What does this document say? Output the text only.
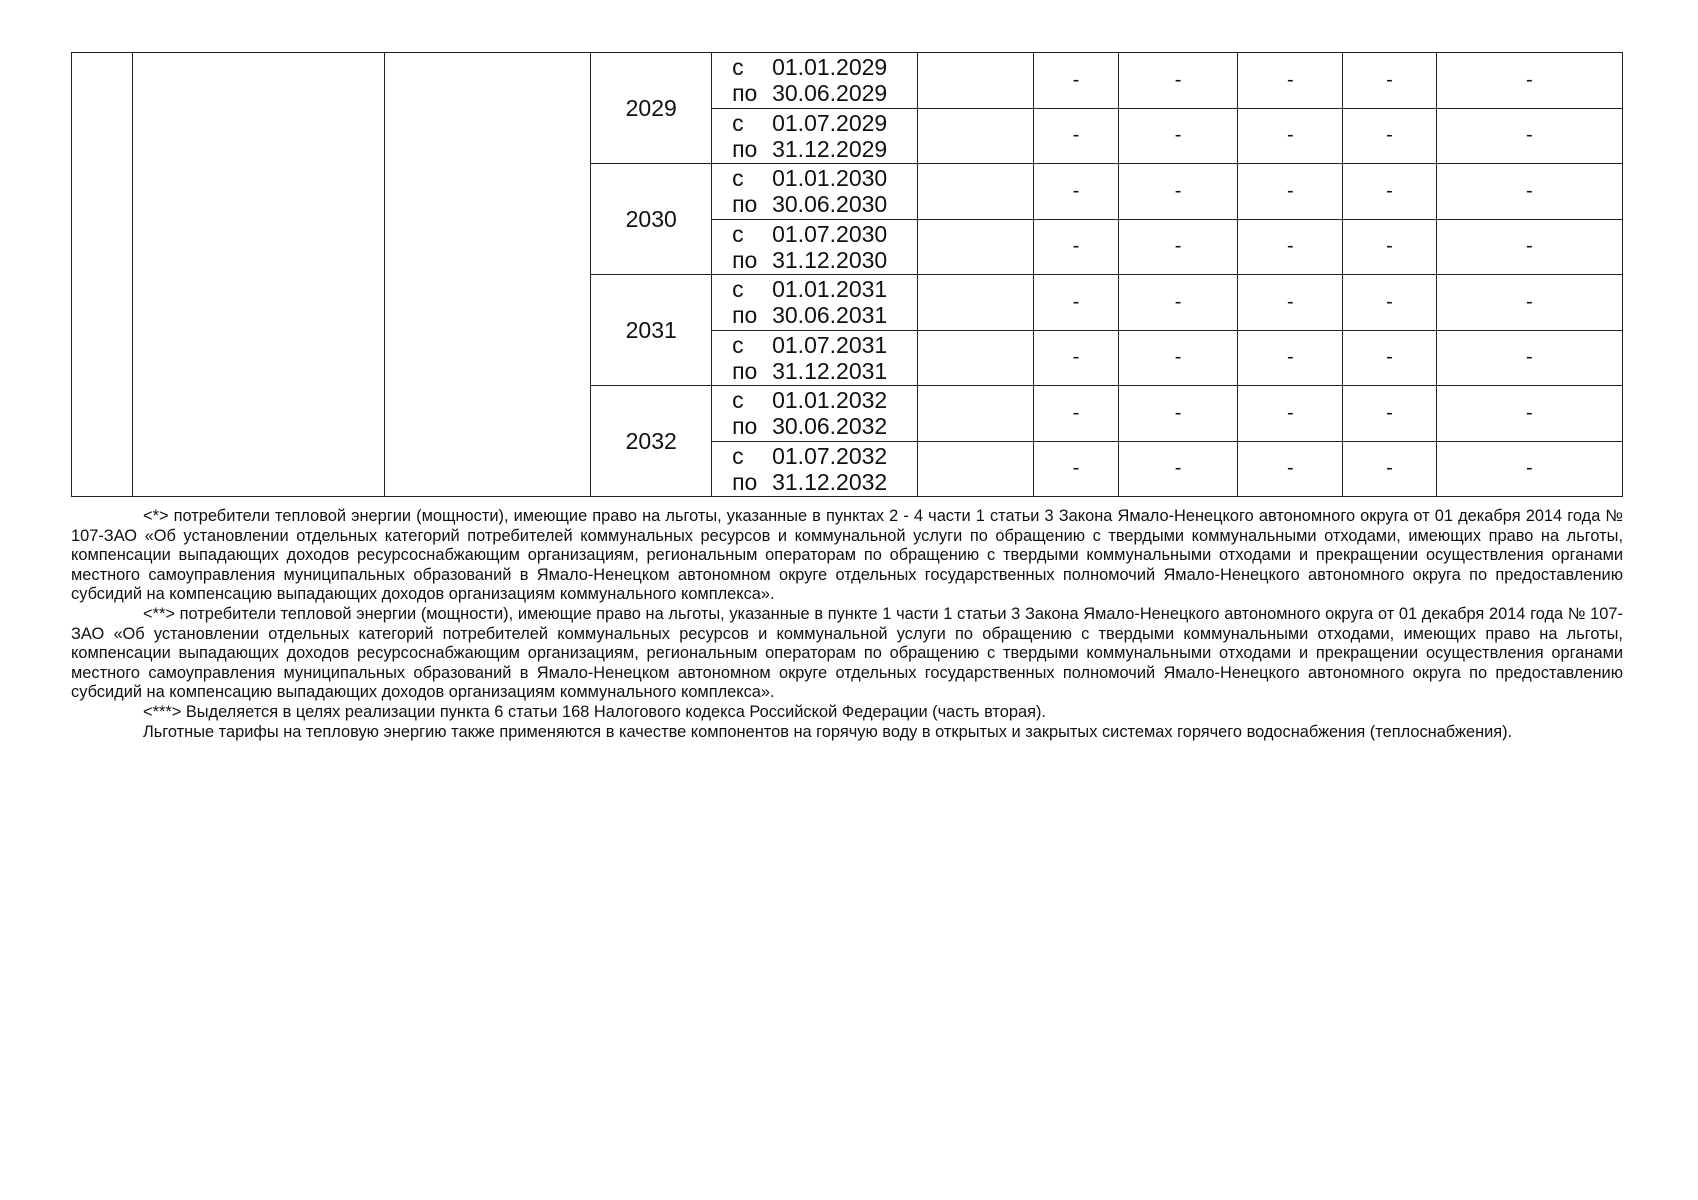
			2029	с 01.01.2029
по 30.06.2029		-	-	-	-	-

				с 01.07.2029
по 31.12.2029		-	-	-	-	-
			2030	с 01.01.2030
по 30.06.2030		-	-	-	-	-

				с 01.07.2030
по 31.12.2030		-	-	-	-	-
			2031	с 01.01.2031
по 30.06.2031		-	-	-	-	-

				с 01.07.2031
по 31.12.2031		-	-	-	-	-
			2032	с 01.01.2032
по 30.06.2032		-	-	-	-	-

				с 01.07.2032
по 31.12.2032		-	-	-	-	-

<*> потребители тепловой энергии (мощности), имеющие право на льготы, указанные в пунктах 2 - 4 части 1 статьи 3 Закона Ямало-Ненецкого автономного округа от 01 декабря 2014 года № 107-ЗАО «Об установлении отдельных категорий потребителей коммунальных ресурсов и коммунальной услуги по обращению с твердыми коммунальными отходами, имеющих право на льготы, компенсации выпадающих доходов ресурсоснабжающим организациям, региональным операторам по обращению с твердыми коммунальными отходами и прекращении осуществления органами местного самоуправления муниципальных образований в Ямало-Ненецком автономном округе отдельных государственных полномочий Ямало-Ненецкого автономного округа по предоставлению субсидий на компенсацию выпадающих доходов организациям коммунального комплекса».

<**> потребители тепловой энергии (мощности), имеющие право на льготы, указанные в пункте 1 части 1 статьи 3 Закона Ямало-Ненецкого автономного округа от 01 декабря 2014 года № 107-ЗАО «Об установлении отдельных категорий потребителей коммунальных ресурсов и коммунальной услуги по обращению с твердыми коммунальными отходами, имеющих право на льготы, компенсации выпадающих доходов ресурсоснабжающим организациям, региональным операторам по обращению с твердыми коммунальными отходами и прекращении осуществления органами местного самоуправления муниципальных образований в Ямало-Ненецком автономном округе отдельных государственных полномочий Ямало-Ненецкого автономного округа по предоставлению субсидий на компенсацию выпадающих доходов организациям коммунального комплекса».

<***> Выделяется в целях реализации пункта 6 статьи 168 Налогового кодекса Российской Федерации (часть вторая).

Льготные тарифы на тепловую энергию также применяются в качестве компонентов на горячую воду в открытых и закрытых системах горячего водоснабжения (теплоснабжения).
